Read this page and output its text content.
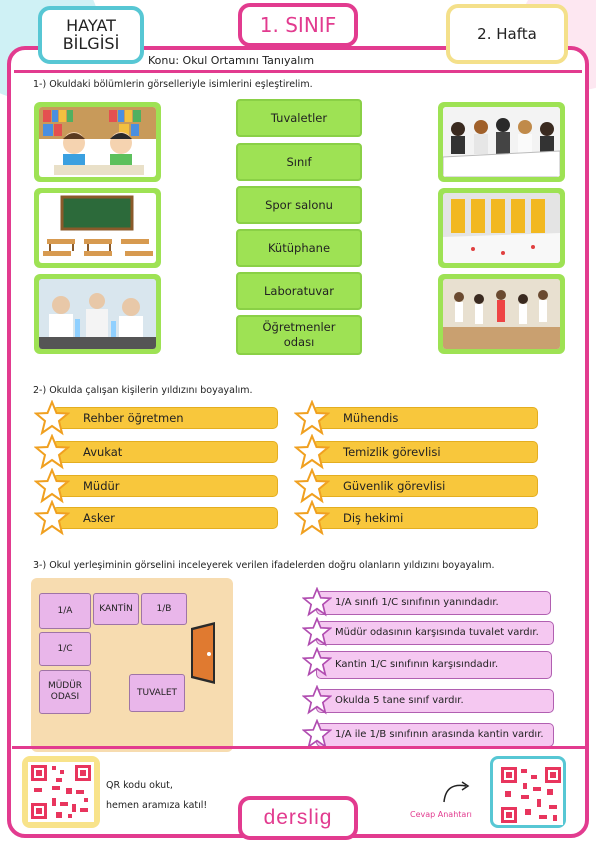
HAYAT
BİLGİSİ
1. SINIF	2. Hafta
Konu: Okul Ortamını Tanıyalım
1-) Okuldaki bölümlerin görselleriyle isimlerini eşleştirelim.
Tuvaletler
Sınıf
Spor salonu
Kütüphane
Laboratuvar
Öğretmenler odası
2-) Okulda çalışan kişilerin yıldızını boyayalım.
Rehber öğretmen
Avukat
Müdür
Asker
Mühendis
Temizlik görevlisi
Güvenlik görevlisi
Diş hekimi
3-) Okul yerleşiminin görselini inceleyerek verilen ifadelerden doğru olanların yıldızını boyayalım.
1/A	KANTİN	1/B
1/C
MÜDÜR ODASI	TUVALET
1/A sınıfı 1/C sınıfının yanındadır.
Müdür odasının karşısında tuvalet vardır.
Kantin 1/C sınıfının karşısındadır.
Okulda 5 tane sınıf vardır.
1/A ile 1/B sınıfının arasında kantin vardır.
QR kodu okut,
hemen aramıza katıl!
derslig	Cevap Anahtarı
